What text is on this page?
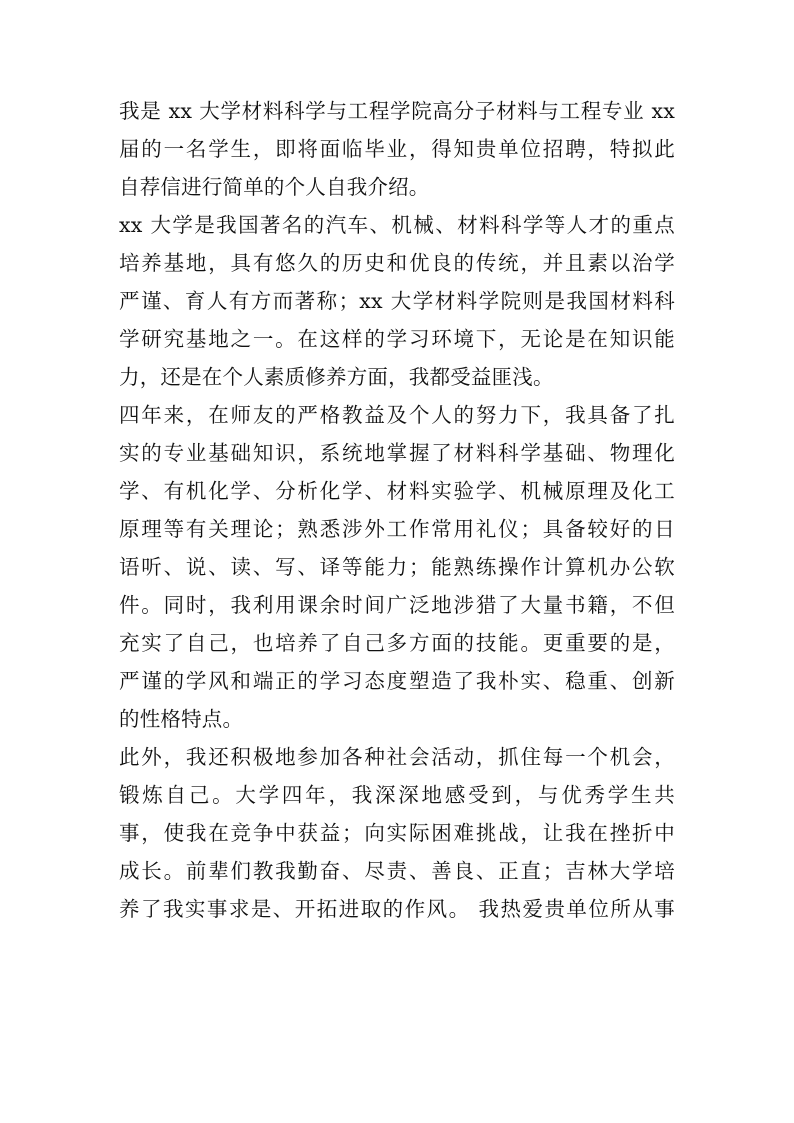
我是 xx 大学材料科学与工程学院高分子材料与工程专业 xx
届的一名学生，即将面临毕业，得知贵单位招聘，特拟此
自荐信进行简单的个人自我介绍。
xx 大学是我国著名的汽车、机械、材料科学等人才的重点
培养基地，具有悠久的历史和优良的传统，并且素以治学
严谨、育人有方而著称；xx 大学材料学院则是我国材料科
学研究基地之一。在这样的学习环境下，无论是在知识能
力，还是在个人素质修养方面，我都受益匪浅。
四年来，在师友的严格教益及个人的努力下，我具备了扎
实的专业基础知识，系统地掌握了材料科学基础、物理化
学、有机化学、分析化学、材料实验学、机械原理及化工
原理等有关理论；熟悉涉外工作常用礼仪；具备较好的日
语听、说、读、写、译等能力；能熟练操作计算机办公软
件。同时，我利用课余时间广泛地涉猎了大量书籍，不但
充实了自己，也培养了自己多方面的技能。更重要的是，
严谨的学风和端正的学习态度塑造了我朴实、稳重、创新
的性格特点。
此外，我还积极地参加各种社会活动，抓住每一个机会，
锻炼自己。大学四年，我深深地感受到，与优秀学生共
事，使我在竞争中获益；向实际困难挑战，让我在挫折中
成长。前辈们教我勤奋、尽责、善良、正直；吉林大学培
养了我实事求是、开拓进取的作风。 我热爱贵单位所从事
